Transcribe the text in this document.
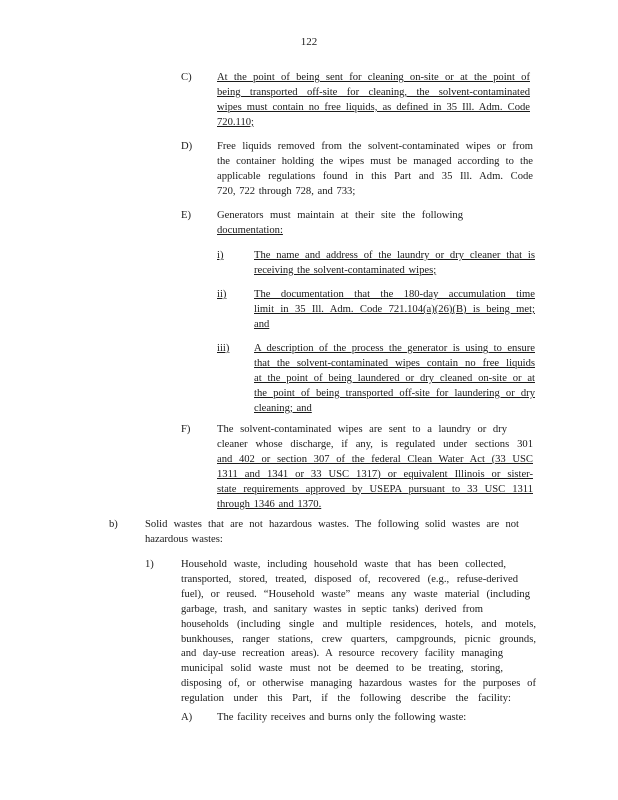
122
C) At the point of being sent for cleaning on-site or at the point of
being transported off-site for cleaning, the solvent-contaminated
wipes must contain no free liquids, as defined in 35 Ill. Adm. Code
720.110;
D) Free liquids removed from the solvent-contaminated wipes or from
the container holding the wipes must be managed according to the
applicable regulations found in this Part and 35 Ill. Adm. Code
720, 722 through 728, and 733;
E) Generators must maintain at their site the following
documentation:
i)	The name and address of the laundry or dry cleaner that is
receiving the solvent-contaminated wipes;
ii)	The documentation that the 180-day accumulation time
limit in 35 Ill. Adm. Code 721.104(a)(26)(B) is being met;
and
iii) A description of the process the generator is using to ensure
that the solvent-contaminated wipes contain no free liquids
at the point of being laundered or dry cleaned on-site or at
the point of being transported off-site for laundering or dry
cleaning; and
F)	The solvent-contaminated wipes are sent to a laundry or dry
cleaner whose discharge, if any, is regulated under sections 301
and 402 or section 307 of the federal Clean Water Act (33 USC
1311 and 1341 or 33 USC 1317) or equivalent Illinois or sister-
state requirements approved by USEPA pursuant to 33 USC 1311
through 1346 and 1370.
b)	Solid wastes that are not hazardous wastes. The following solid wastes are not
hazardous wastes:
1)	Household waste, including household waste that has been collected,
transported, stored, treated, disposed of, recovered (e.g., refuse-derived
fuel), or reused. “Household waste” means any waste material (including
garbage, trash, and sanitary wastes in septic tanks) derived from
households (including single and multiple residences, hotels, and motels,
bunkhouses, ranger stations, crew quarters, campgrounds, picnic grounds,
and day-use recreation areas). A resource recovery facility managing
municipal solid waste must not be deemed to be treating, storing,
disposing of, or otherwise managing hazardous wastes for the purposes of
regulation under this Part, if the following describe the facility:
A) The facility receives and burns only the following waste:
